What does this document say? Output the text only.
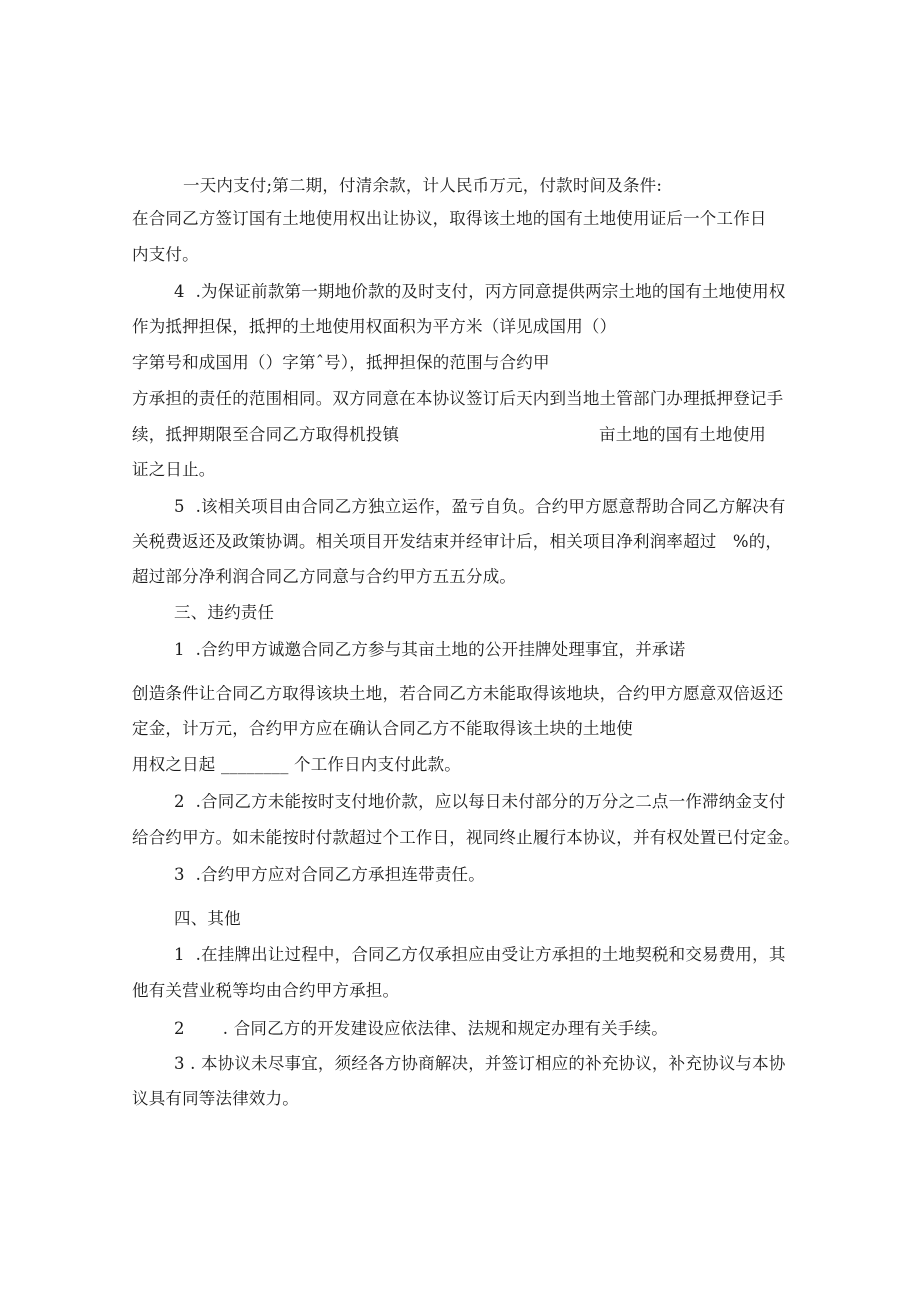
一天内支付;第二期，付清余款，计人民币万元，付款时间及条件:
在合同乙方签订国有土地使用权出让协议，取得该土地的国有土地使用证后一个工作日
内支付。
4  .为保证前款第一期地价款的及时支付，丙方同意提供两宗土地的国有土地使用权
作为抵押担保，抵押的土地使用权面积为平方米（详见成国用（）
字第号和成国用（）字第ˆ号），抵押担保的范围与合约甲
方承担的责任的范围相同。双方同意在本协议签订后天内到当地土管部门办理抵押登记手
续，抵押期限至合同乙方取得机投镇	亩土地的国有土地使用
证之日止。
5  .该相关项目由合同乙方独立运作，盈亏自负。合约甲方愿意帮助合同乙方解决有
关税费返还及政策协调。相关项目开发结束并经审计后，相关项目净利润率超过   %的，
超过部分净利润合同乙方同意与合约甲方五五分成。
三、违约责任
1  .合约甲方诚邀合同乙方参与其亩土地的公开挂牌处理事宜，并承诺
创造条件让合同乙方取得该块土地，若合同乙方未能取得该地块，合约甲方愿意双倍返还
定金，计万元，合约甲方应在确认合同乙方不能取得该土块的土地使
用权之日起 ________ 个工作日内支付此款。
2  .合同乙方未能按时支付地价款，应以每日未付部分的万分之二点一作滞纳金支付
给合约甲方。如未能按时付款超过个工作日，视同终止履行本协议，并有权处置已付定金。
3  .合约甲方应对合同乙方承担连带责任。
四、其他
1  .在挂牌出让过程中，合同乙方仅承担应由受让方承担的土地契税和交易费用，其
他有关营业税等均由合约甲方承担。
2       . 合同乙方的开发建设应依法律、法规和规定办理有关手续。
3 . 本协议未尽事宜，须经各方协商解决，并签订相应的补充协议，补充协议与本协
议具有同等法律效力。
